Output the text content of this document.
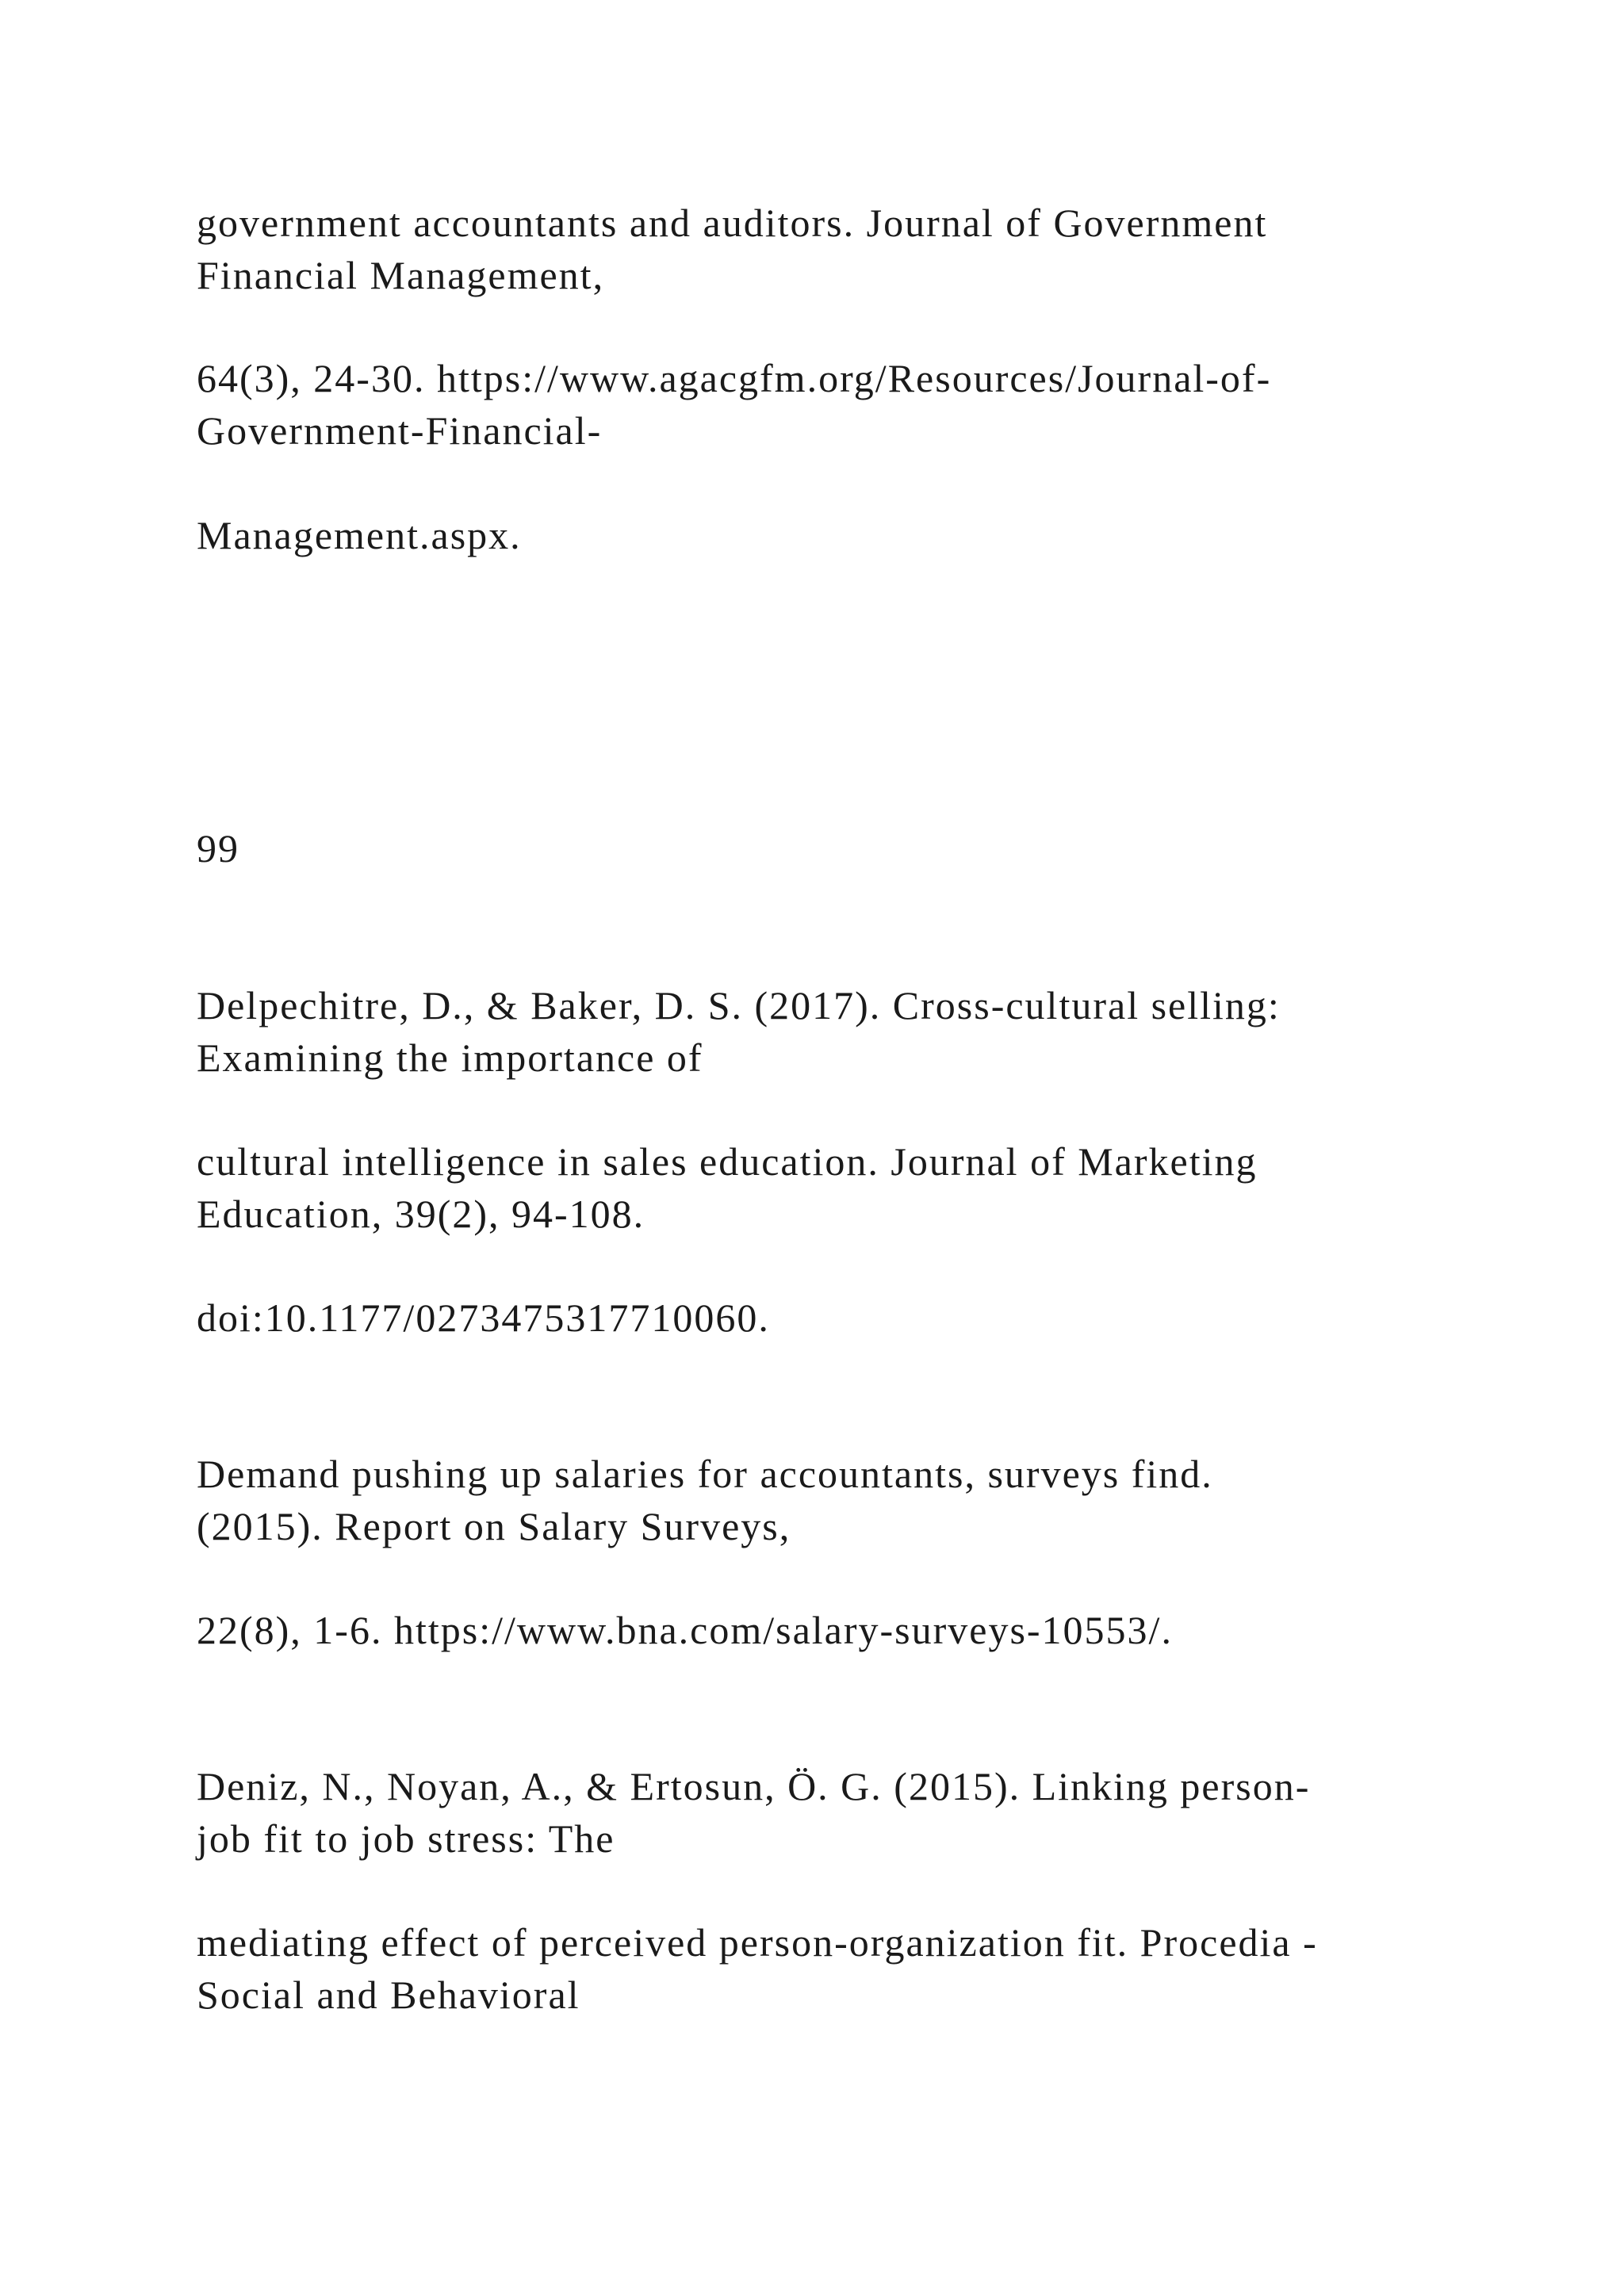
government accountants and auditors. Journal of Government
Financial Management,
64(3), 24-30. https://www.agacgfm.org/Resources/Journal-of-
Government-Financial-
Management.aspx.
99
Delpechitre, D., & Baker, D. S. (2017). Cross-cultural selling:
Examining the importance of
cultural intelligence in sales education. Journal of Marketing
Education, 39(2), 94-108.
doi:10.1177/0273475317710060.
Demand pushing up salaries for accountants, surveys find.
(2015). Report on Salary Surveys,
22(8), 1-6. https://www.bna.com/salary-surveys-10553/.
Deniz, N., Noyan, A., & Ertosun, Ö. G. (2015). Linking person-
job fit to job stress: The
mediating effect of perceived person-organization fit. Procedia -
Social and Behavioral
